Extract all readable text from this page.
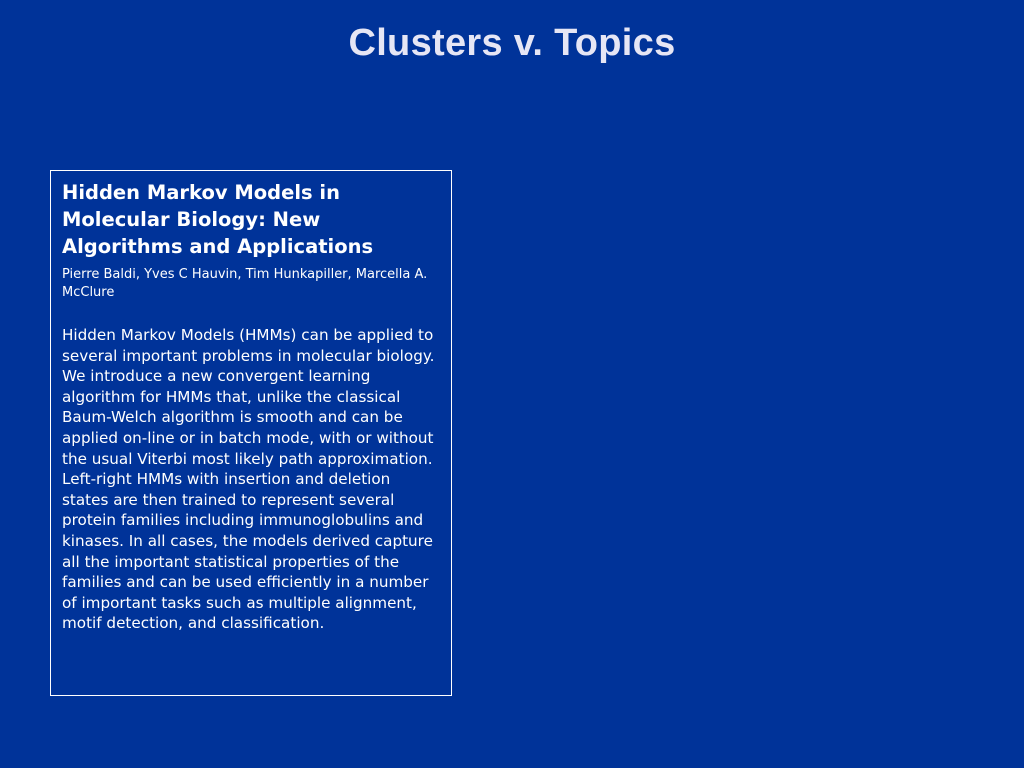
Clusters v. Topics
Hidden Markov Models in Molecular Biology: New Algorithms and Applications
Pierre Baldi, Yves C Hauvin, Tim Hunkapiller, Marcella A. McClure
Hidden Markov Models (HMMs) can be applied to several important problems in molecular biology. We introduce a new convergent learning algorithm for HMMs that, unlike the classical Baum-Welch algorithm is smooth and can be applied on-line or in batch mode, with or without the usual Viterbi most likely path approximation. Left-right HMMs with insertion and deletion states are then trained to represent several protein families including immunoglobulins and kinases. In all cases, the models derived capture all the important statistical properties of the families and can be used efficiently in a number of important tasks such as multiple alignment, motif detection, and classification.
